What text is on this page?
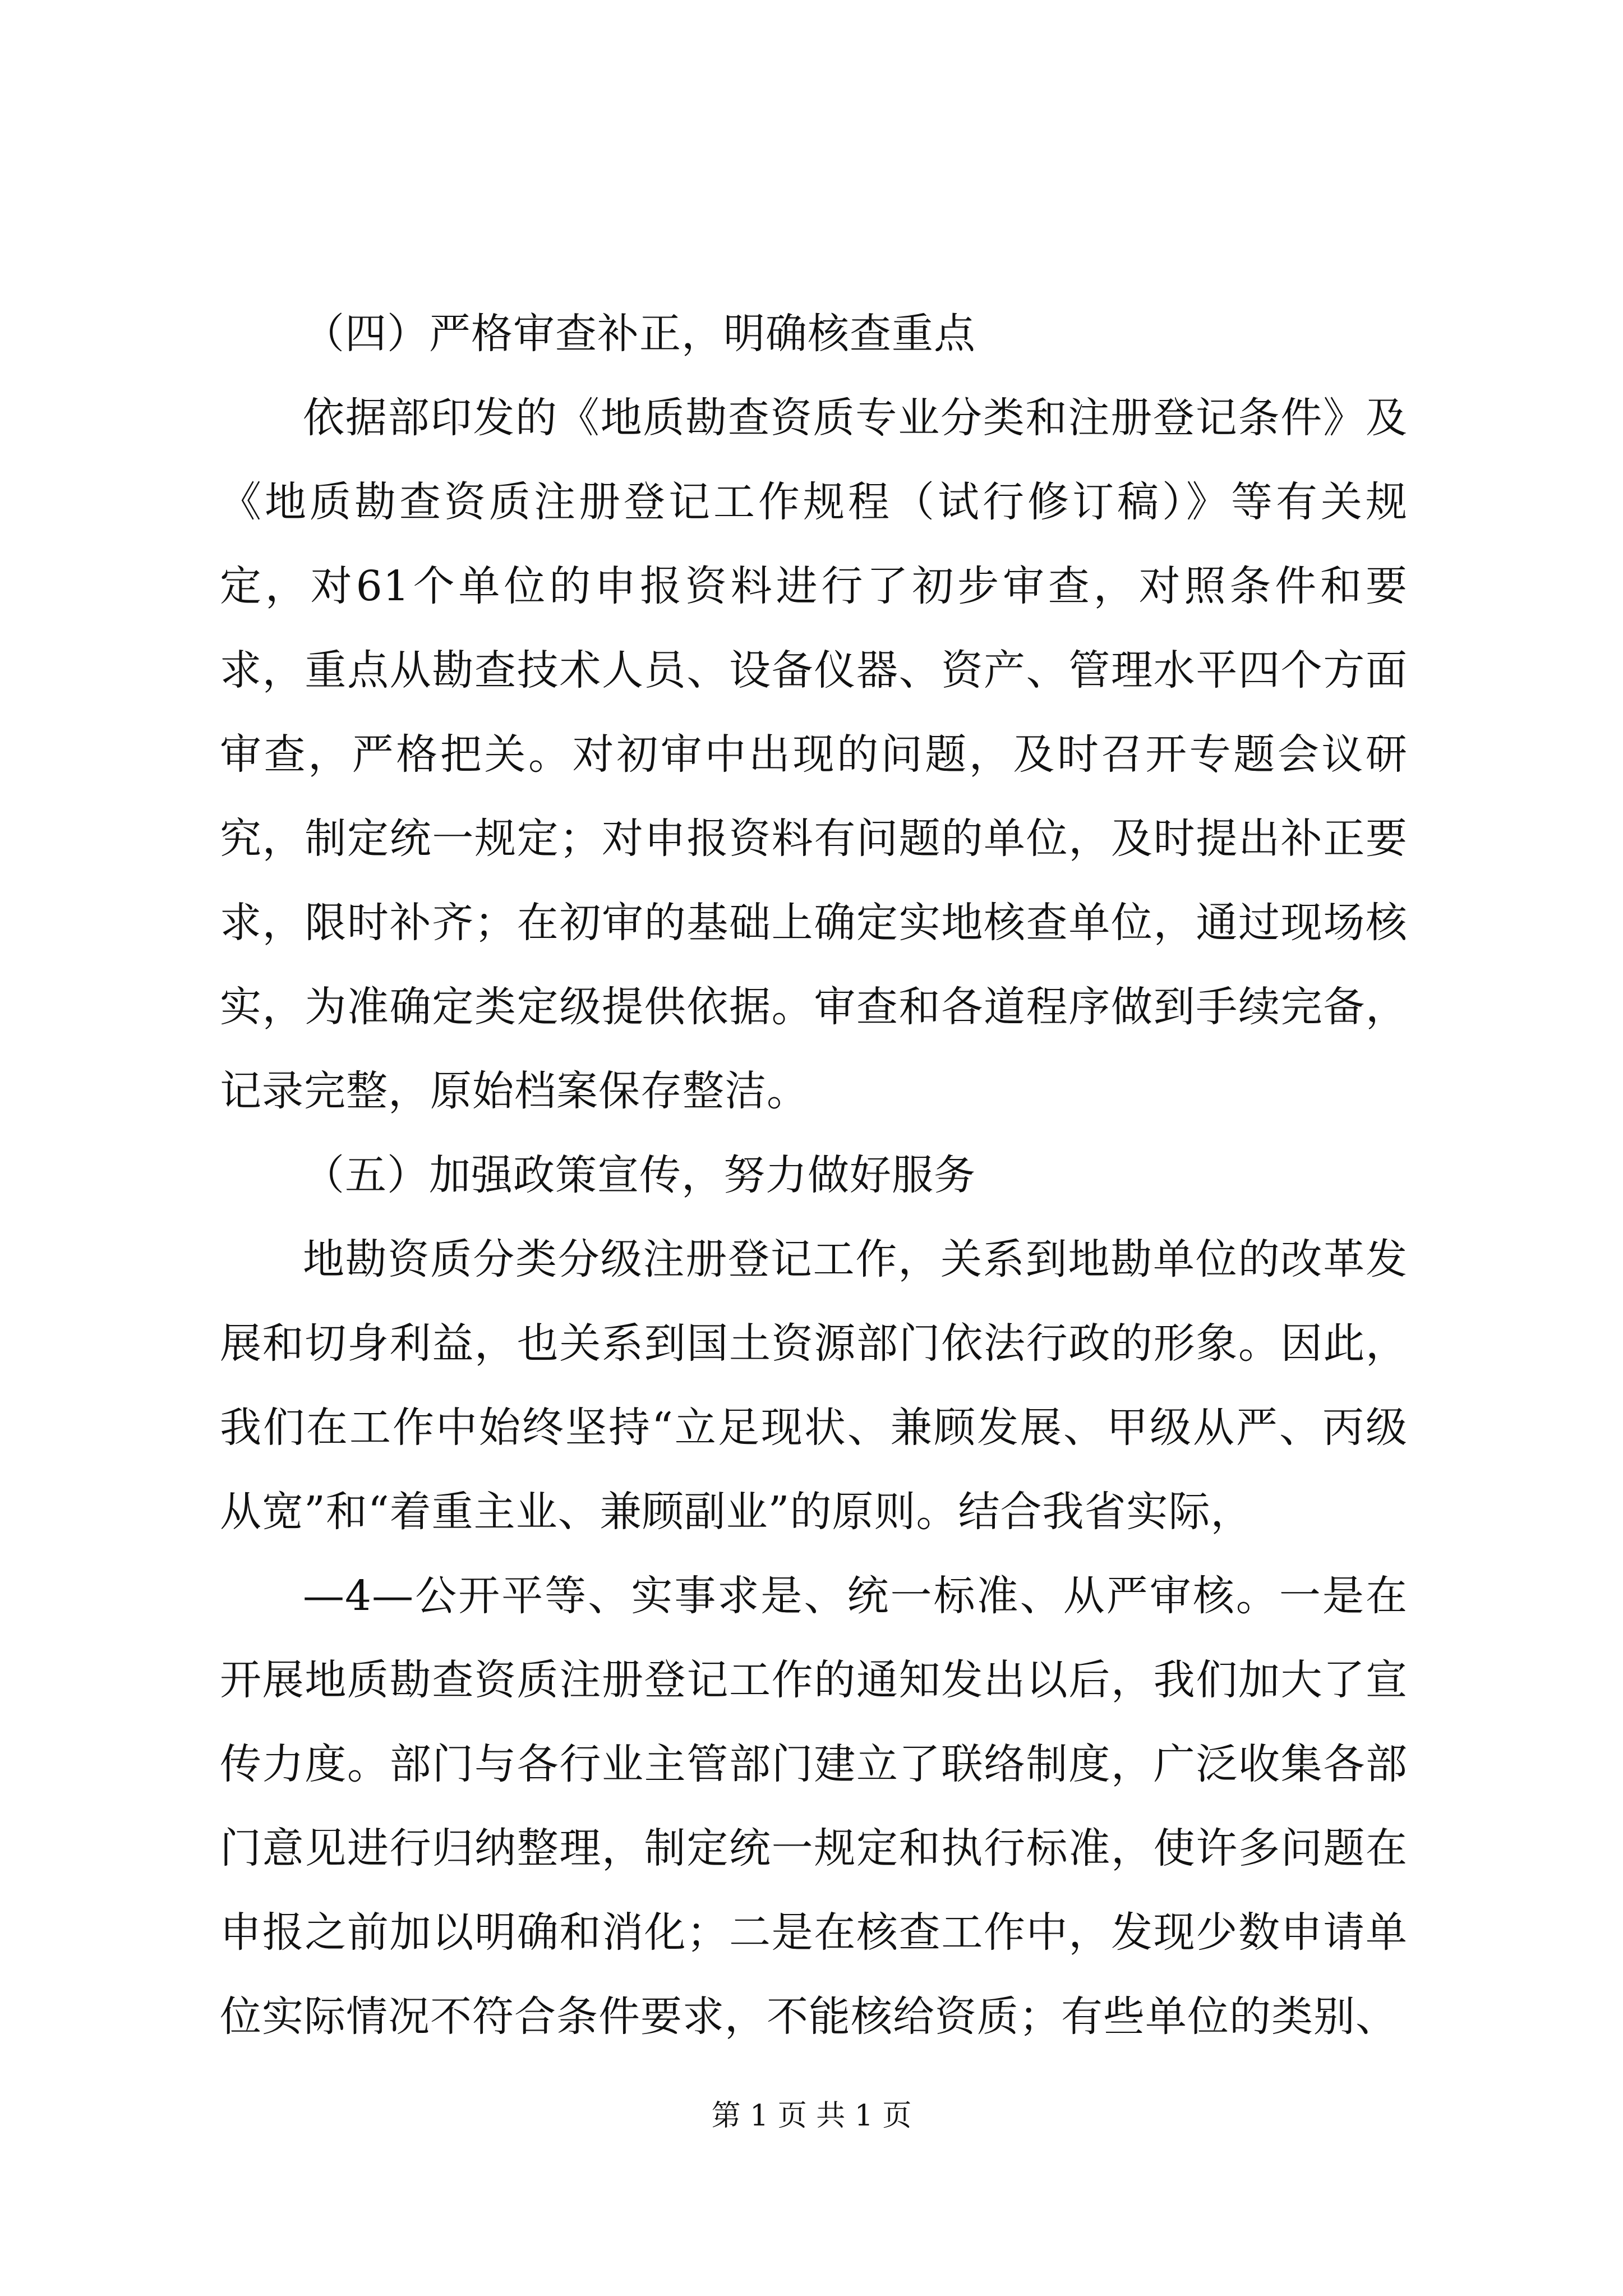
（四）严格审查补正，明确核查重点

依据部印发的《地质勘查资质专业分类和注册登记条件》及《地质勘查资质注册登记工作规程（试行修订稿）》等有关规定，对61个单位的申报资料进行了初步审查，对照条件和要求，重点从勘查技术人员、设备仪器、资产、管理水平四个方面审查，严格把关。对初审中出现的问题，及时召开专题会议研究，制定统一规定；对申报资料有问题的单位，及时提出补正要求，限时补齐；在初审的基础上确定实地核查单位，通过现场核实，为准确定类定级提供依据。审查和各道程序做到手续完备，记录完整，原始档案保存整洁。

（五）加强政策宣传，努力做好服务

地勘资质分类分级注册登记工作，关系到地勘单位的改革发展和切身利益，也关系到国土资源部门依法行政的形象。因此，我们在工作中始终坚持“立足现状、兼顾发展、甲级从严、丙级从宽”和“着重主业、兼顾副业”的原则。结合我省实际，

—4—公开平等、实事求是、统一标准、从严审核。一是在开展地质勘查资质注册登记工作的通知发出以后，我们加大了宣传力度。部门与各行业主管部门建立了联络制度，广泛收集各部门意见进行归纳整理，制定统一规定和执行标准，使许多问题在申报之前加以明确和消化；二是在核查工作中，发现少数申请单位实际情况不符合条件要求，不能核给资质；有些单位的类别、

第 1 页 共 1 页
